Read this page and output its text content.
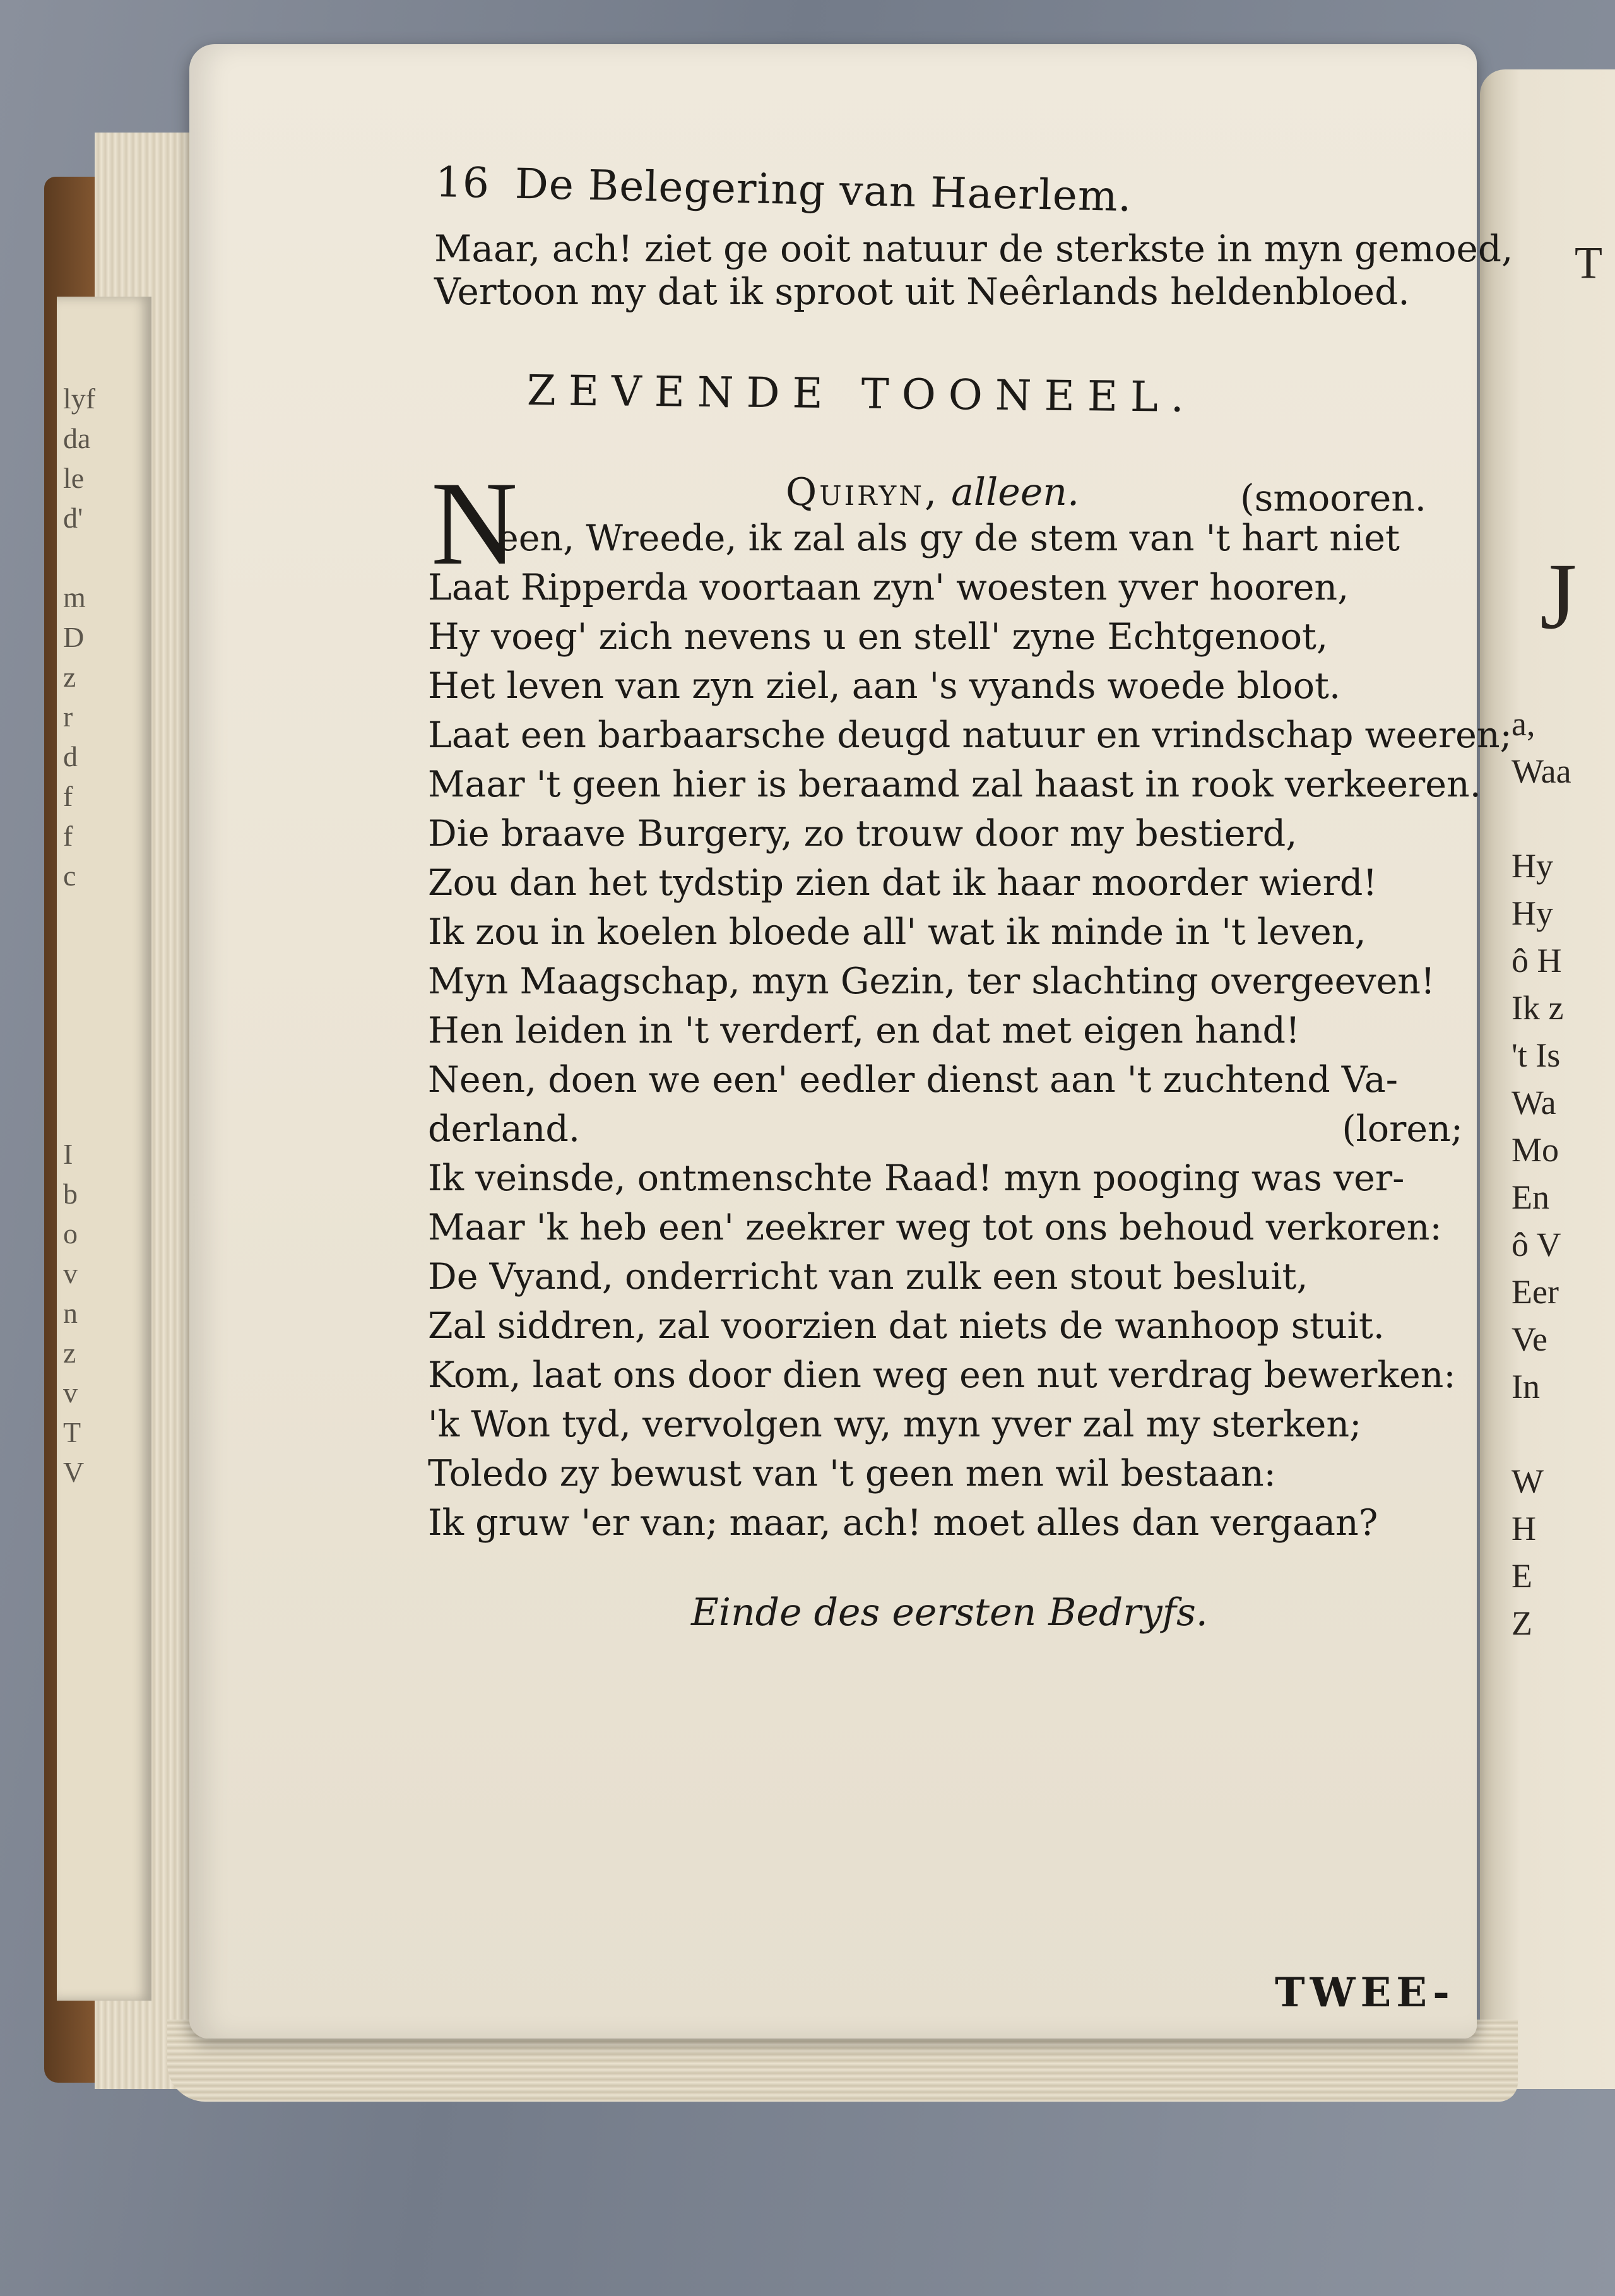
lyf
da
le
d'
m
D
z
r
d
f
f
c
I
b
o
v
n
z
v
T
V
T
J
a,
Waa
Hy
Hy
ô H
Ik z
't Is
Wa
Mo
En
ô V
Eer
Ve
In
W
H
E
Z
16 De Belegering van Haerlem.
Maar, ach! ziet ge ooit natuur de sterkste in myn gemoed,
Vertoon my dat ik sproot uit Neêrlands heldenbloed.
ZEVENDE TOONEEL.
N	Quiryn, alleen.	(smooren.
een, Wreede, ik zal als gy de stem van 't hart niet
Laat Ripperda voortaan zyn' woesten yver hooren,
Hy voeg' zich nevens u en stell' zyne Echtgenoot,
Het leven van zyn ziel, aan 's vyands woede bloot.
Laat een barbaarsche deugd natuur en vrindschap weeren;
Maar 't geen hier is beraamd zal haast in rook verkeeren.
Die braave Burgery, zo trouw door my bestierd,
Zou dan het tydstip zien dat ik haar moorder wierd!
Ik zou in koelen bloede all' wat ik minde in 't leven,
Myn Maagschap, myn Gezin, ter slachting overgeeven!
Hen leiden in 't verderf, en dat met eigen hand!
Neen, doen we een' eedler dienst aan 't zuchtend Va-
derland.	(loren;
Ik veinsde, ontmenschte Raad! myn pooging was ver-
Maar 'k heb een' zeekrer weg tot ons behoud verkoren:
De Vyand, onderricht van zulk een stout besluit,
Zal siddren, zal voorzien dat niets de wanhoop stuit.
Kom, laat ons door dien weg een nut verdrag bewerken:
'k Won tyd, vervolgen wy, myn yver zal my sterken;
Toledo zy bewust van 't geen men wil bestaan:
Ik gruw 'er van; maar, ach! moet alles dan vergaan?
Einde des eersten Bedryfs.
TWEE-
